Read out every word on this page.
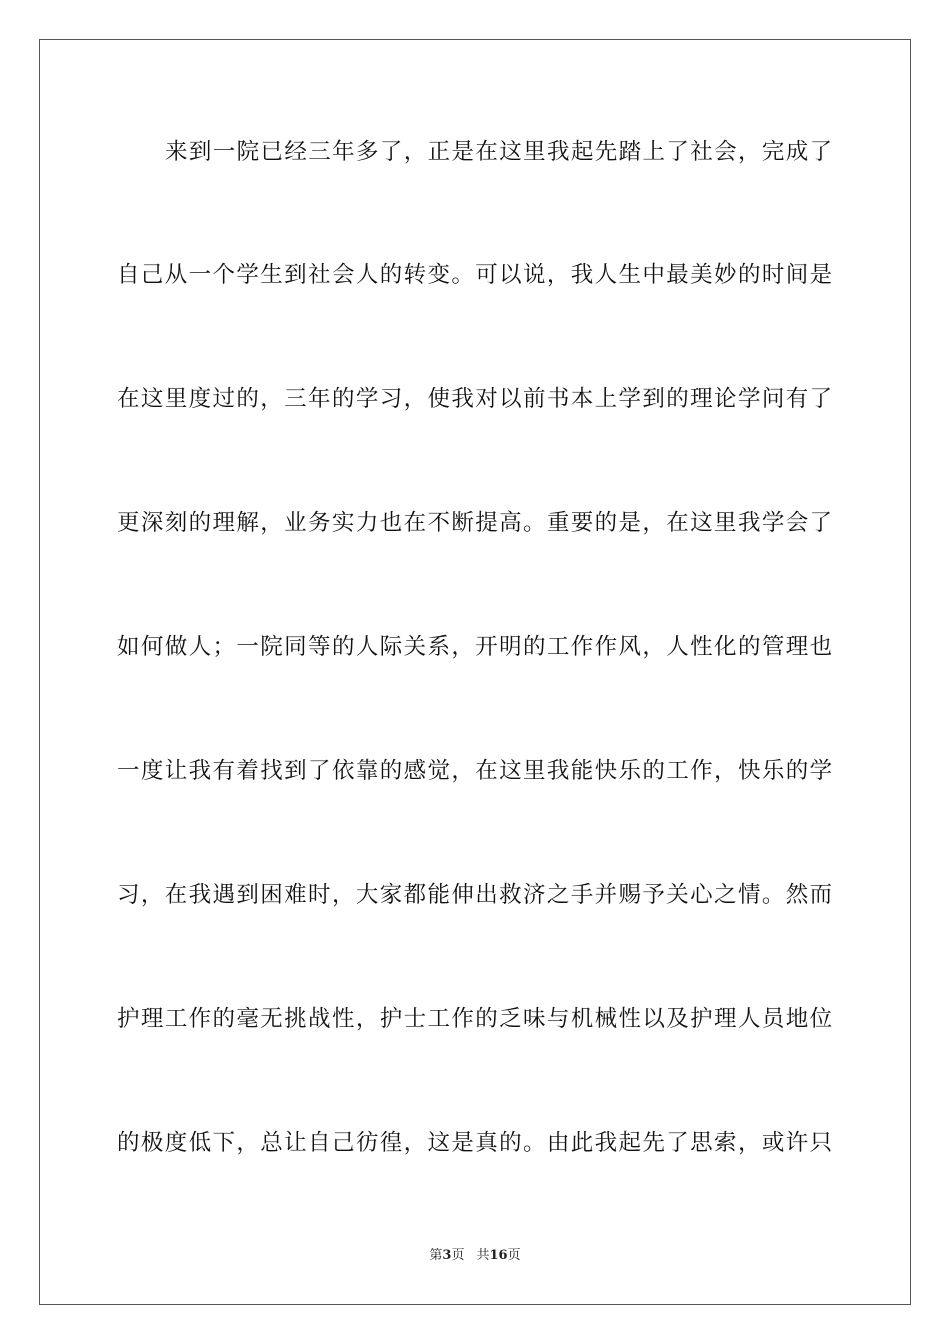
来到一院已经三年多了，正是在这里我起先踏上了社会，完成了
自己从一个学生到社会人的转变。可以说，我人生中最美妙的时间是
在这里度过的，三年的学习，使我对以前书本上学到的理论学问有了
更深刻的理解，业务实力也在不断提高。重要的是，在这里我学会了
如何做人；一院同等的人际关系，开明的工作作风，人性化的管理也
一度让我有着找到了依靠的感觉，在这里我能快乐的工作，快乐的学
习，在我遇到困难时，大家都能伸出救济之手并赐予关心之情。然而
护理工作的毫无挑战性，护士工作的乏味与机械性以及护理人员地位
的极度低下，总让自己彷徨，这是真的。由此我起先了思索，或许只
第3页 共16页
